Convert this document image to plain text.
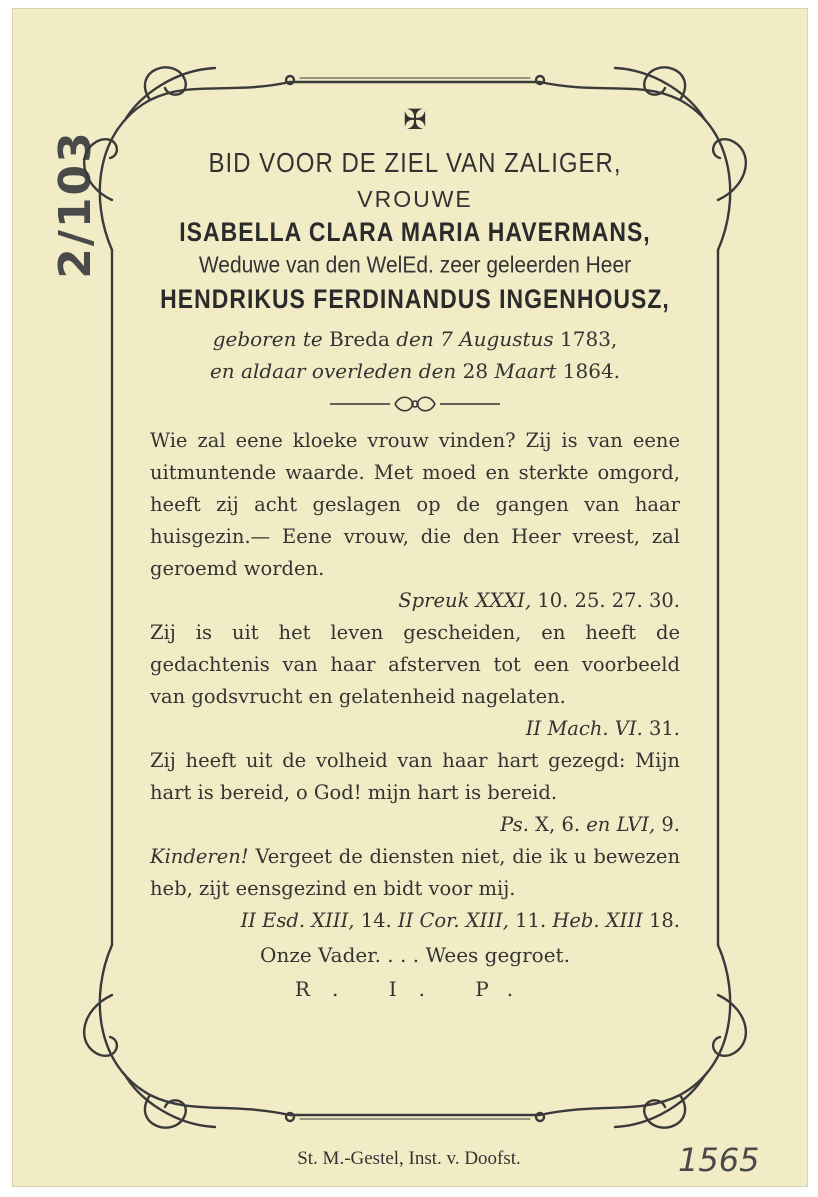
2/103
1565

✠

BID VOOR DE ZIEL VAN ZALIGER,

VROUWE

ISABELLA CLARA MARIA HAVERMANS,

Weduwe van den WelEd. zeer geleerden Heer

HENDRIKUS FERDINANDUS INGENHOUSZ,

geboren te Breda den 7 Augustus 1783,
en aldaar overleden den 28 Maart 1864.

Wie zal eene kloeke vrouw vinden? Zij is van eene uitmuntende waarde. Met moed en sterkte omgord, heeft zij acht geslagen op de gangen van haar huisgezin.— Eene vrouw, die den Heer vreest, zal geroemd worden.

Spreuk XXXI, 10. 25. 27. 30.

Zij is uit het leven gescheiden, en heeft de gedachtenis van haar afsterven tot een voorbeeld van godsvrucht en gelatenheid nagelaten.

II Mach. VI. 31.

Zij heeft uit de volheid van haar hart gezegd: Mijn hart is bereid, o God! mijn hart is bereid.

Ps. X, 6. en LVI, 9.

Kinderen! Vergeet de diensten niet, die ik u bewezen heb, zijt eensgezind en bidt voor mij.

II Esd. XIII, 14. II Cor. XIII, 11. Heb. XIII 18.

Onze Vader. . . . Wees gegroet.

R. I. P.

St. M.-Gestel, Inst. v. Doofst.
